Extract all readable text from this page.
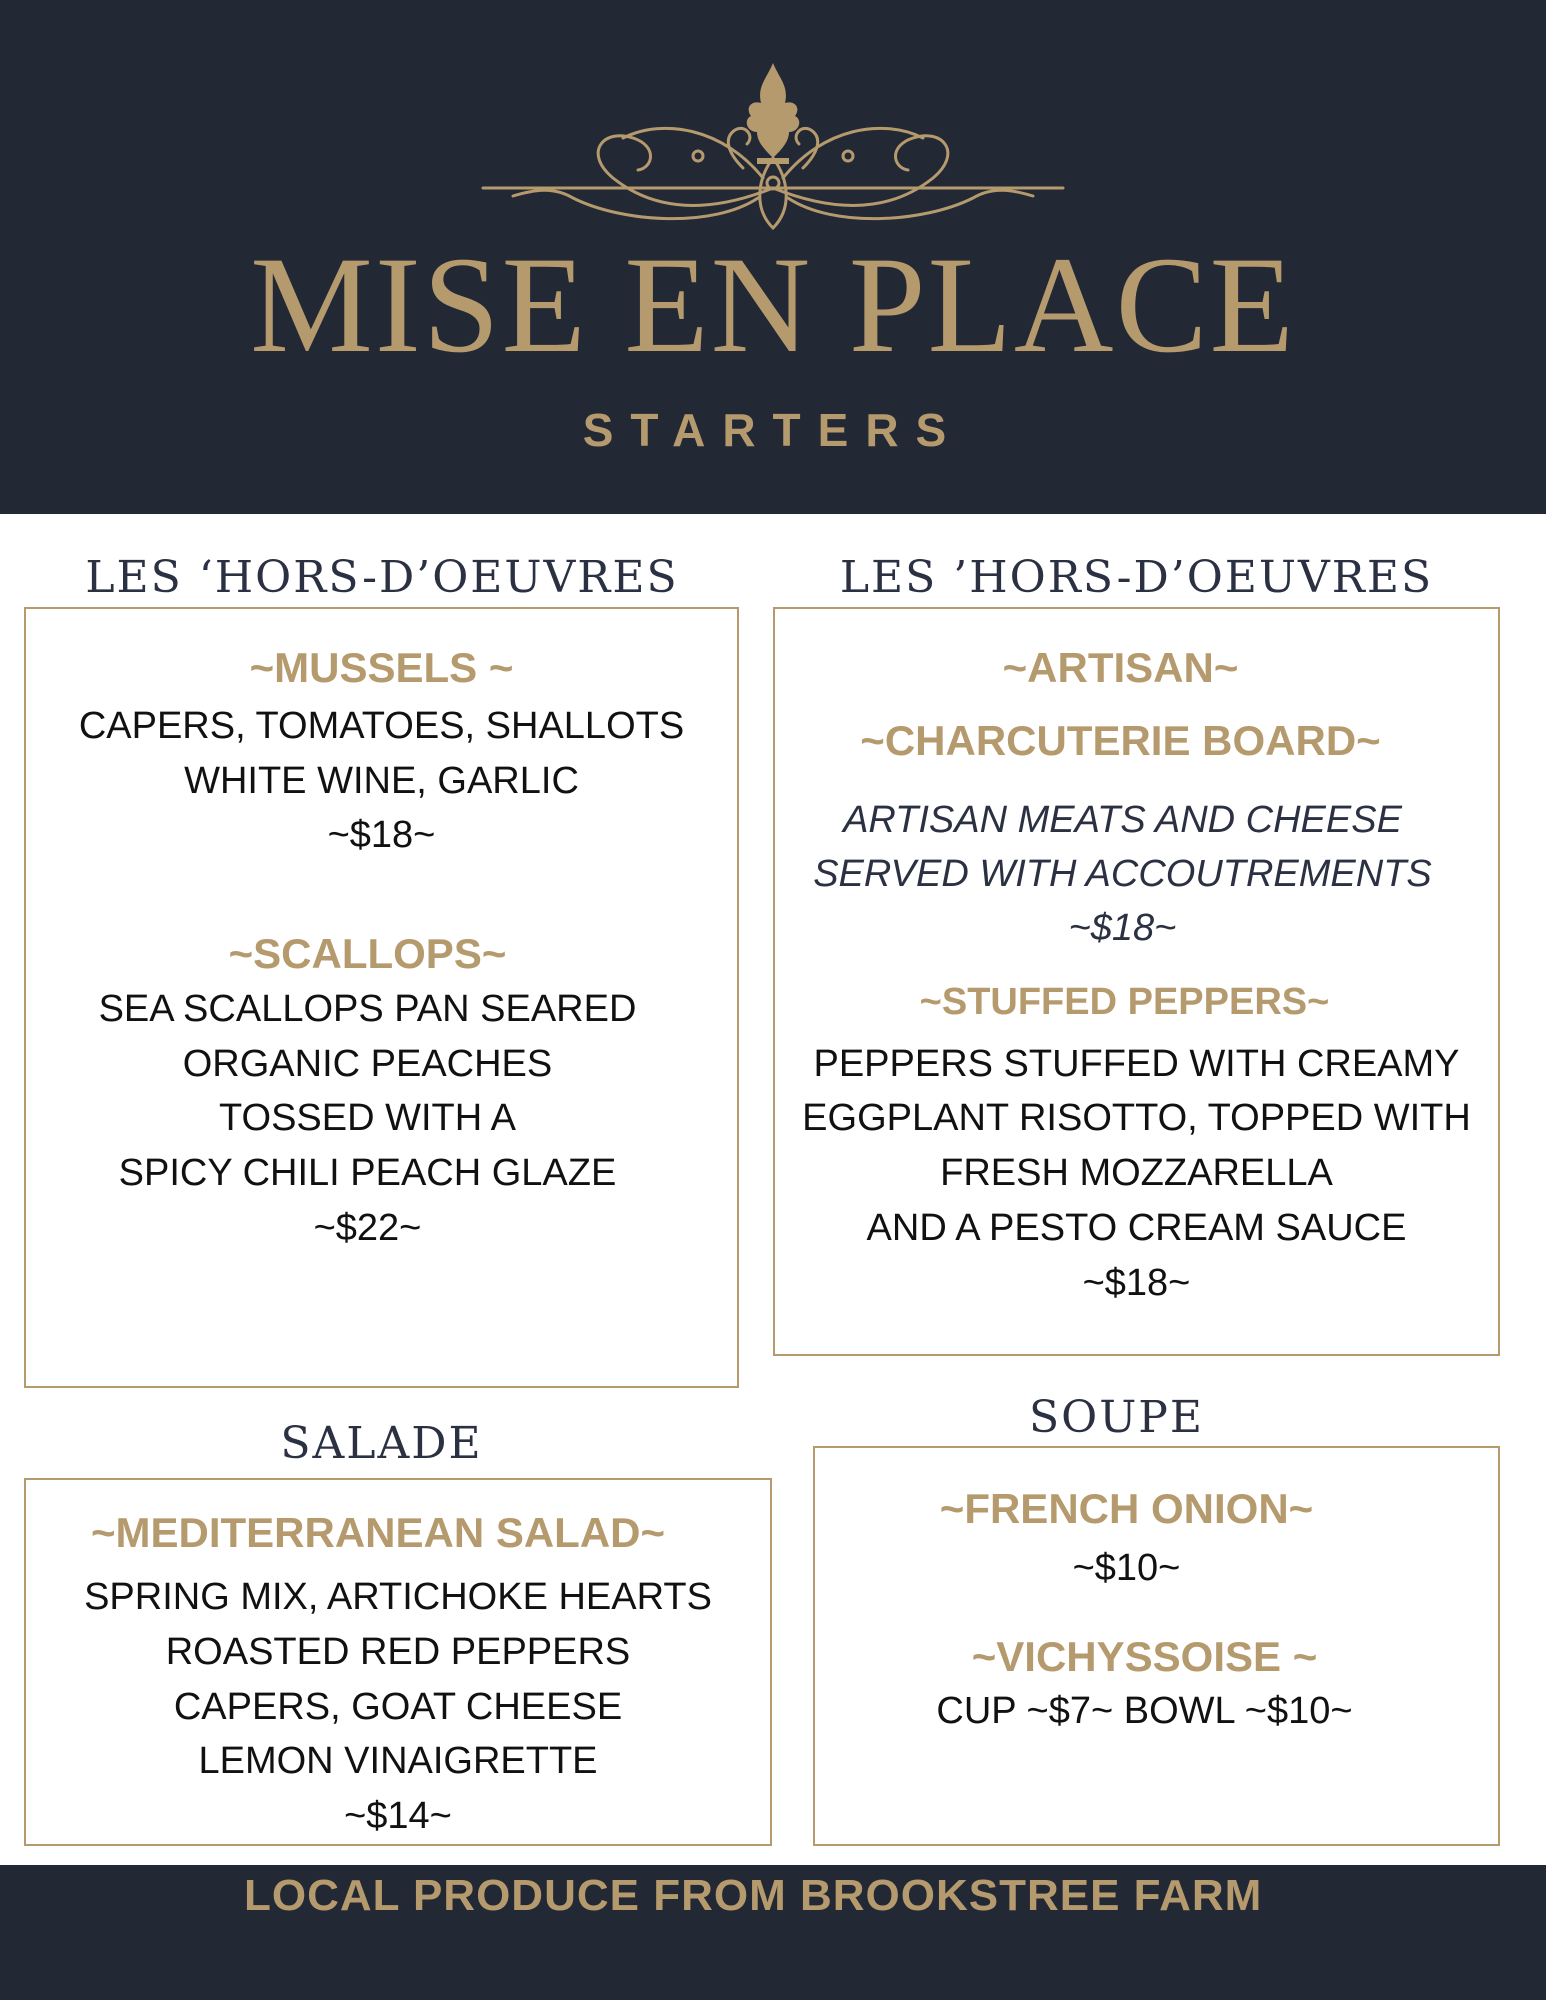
MISE EN PLACE
STARTERS
LES ‘HORS-D’OEUVRES
~MUSSELS ~
CAPERS, TOMATOES, SHALLOTS
WHITE WINE, GARLIC
~$18~
~SCALLOPS~
SEA SCALLOPS PAN SEARED
ORGANIC PEACHES
TOSSED WITH A
SPICY CHILI PEACH GLAZE
~$22~
LES ’HORS-D’OEUVRES
~ARTISAN~
~CHARCUTERIE BOARD~
ARTISAN MEATS AND CHEESE
SERVED WITH ACCOUTREMENTS
~$18~
~STUFFED PEPPERS~
PEPPERS STUFFED WITH CREAMY
EGGPLANT RISOTTO, TOPPED WITH
FRESH MOZZARELLA
AND A PESTO CREAM SAUCE
~$18~
SALADE
~MEDITERRANEAN SALAD~
SPRING MIX, ARTICHOKE HEARTS
ROASTED RED PEPPERS
CAPERS, GOAT CHEESE
LEMON VINAIGRETTE
~$14~
SOUPE
~FRENCH ONION~
~$10~
~VICHYSSOISE ~
CUP ~$7~ BOWL ~$10~
LOCAL PRODUCE FROM BROOKSTREE FARM
